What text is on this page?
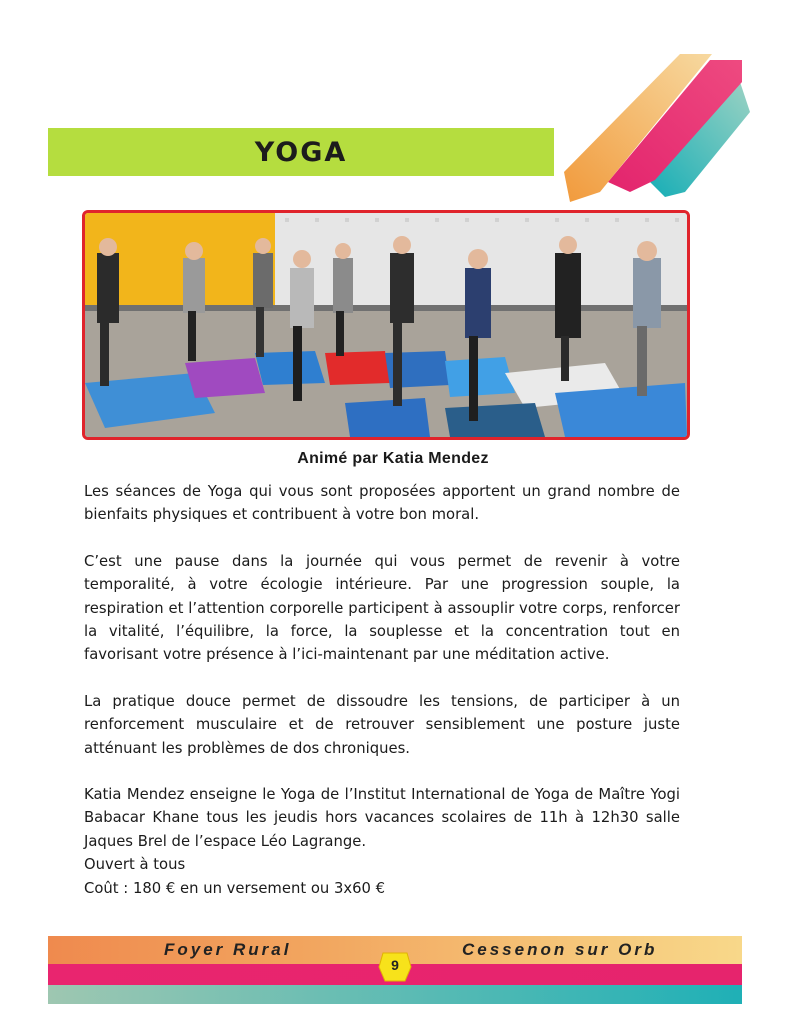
YOGA
Animé par Katia Mendez

Les séances de Yoga qui vous sont proposées apportent un grand nombre de bienfaits physiques et contribuent à votre bon moral.

C’est une pause dans la journée qui vous permet de revenir à votre temporalité, à votre écologie intérieure. Par une progression souple, la respiration et l’attention corporelle participent à assouplir votre corps, renforcer la vitalité, l’équilibre, la force, la souplesse et la concentration tout en favorisant votre présence à l’ici-maintenant par une méditation active.

La pratique douce permet de dissoudre les tensions, de participer à un renforcement musculaire et de retrouver sensiblement une posture juste atténuant les problèmes de dos chroniques.

Katia Mendez enseigne le Yoga de l’Institut International de Yoga de Maître Yogi Babacar Khane tous les jeudis hors vacances scolaires de 11h à 12h30 salle Jaques Brel de l’espace Léo Lagrange.

Ouvert à tous

Coût : 180 € en un versement ou 3x60 €

Foyer Rural	Cessenon sur Orb
9
